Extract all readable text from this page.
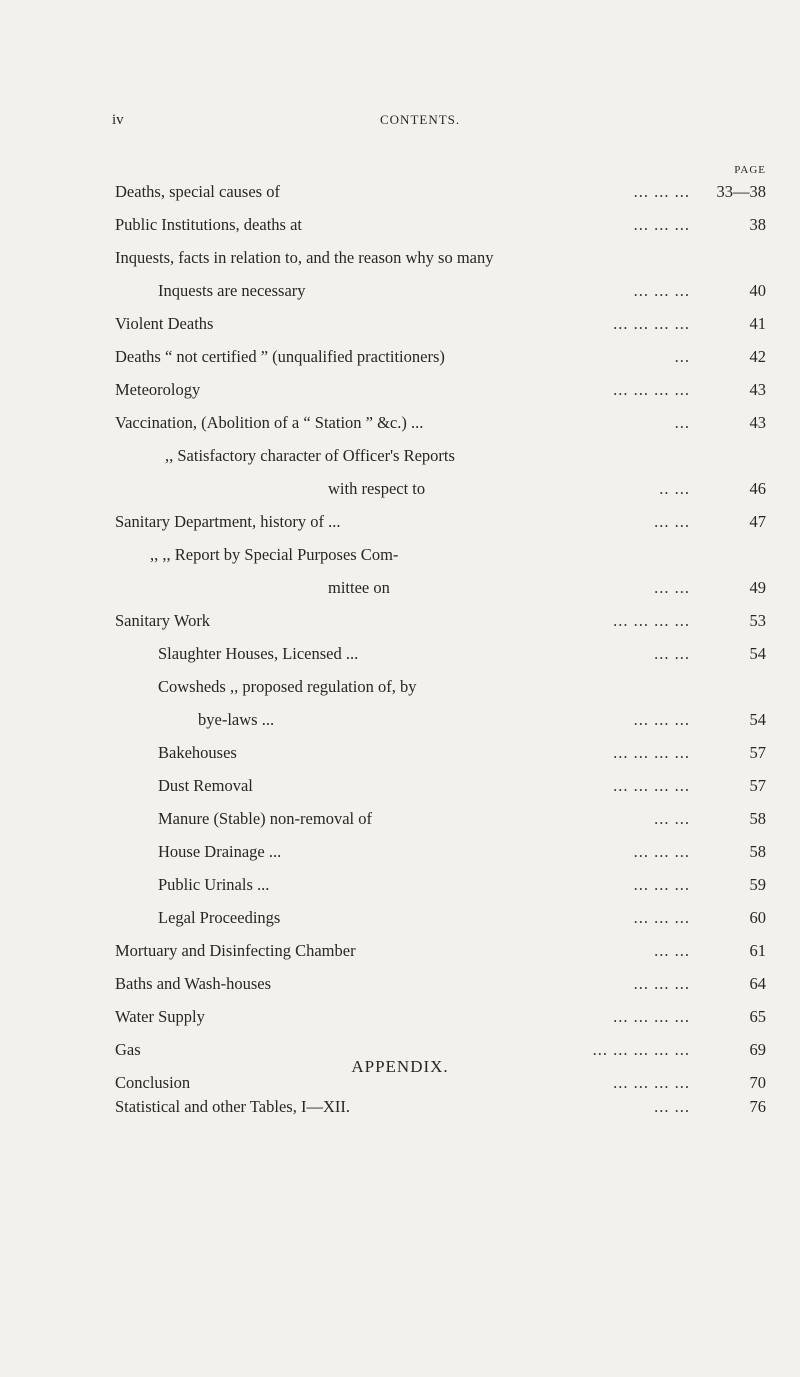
iv	CONTENTS.
PAGE
Deaths, special causes of	... ... ... 33—38
Public Institutions, deaths at	... ... ...	38
Inquests, facts in relation to, and the reason why so many
Inquests are necessary	... ... ...	40
Violent Deaths	... ... ... ...	41
Deaths “ not certified ” (unqualified practitioners)	...	42
Meteorology	... ... ... ...	43
Vaccination, (Abolition of a “ Station ” &c.) ...	...	43
,, Satisfactory character of Officer's Reports
with respect to	.. ...	46
Sanitary Department, history of ...	... ...	47
,, ,, Report by Special Purposes Com-
mittee on	... ...	49
Sanitary Work	... ... ... ...	53
Slaughter Houses, Licensed ...	... ...	54
Cowsheds ,, proposed regulation of, by
bye-laws ...	... ... ...	54
Bakehouses	... ... ... ...	57
Dust Removal	... ... ... ...	57
Manure (Stable) non-removal of	... ...	58
House Drainage ...	... ... ...	58
Public Urinals ...	... ... ...	59
Legal Proceedings	... ... ...	60
Mortuary and Disinfecting Chamber	... ...	61
Baths and Wash-houses	... ... ...	64
Water Supply	... ... ... ...	65
Gas	... ... ... ... ...	69
Conclusion	... ... ... ...	70
APPENDIX.
Statistical and other Tables, I—XII.	... ...	76
